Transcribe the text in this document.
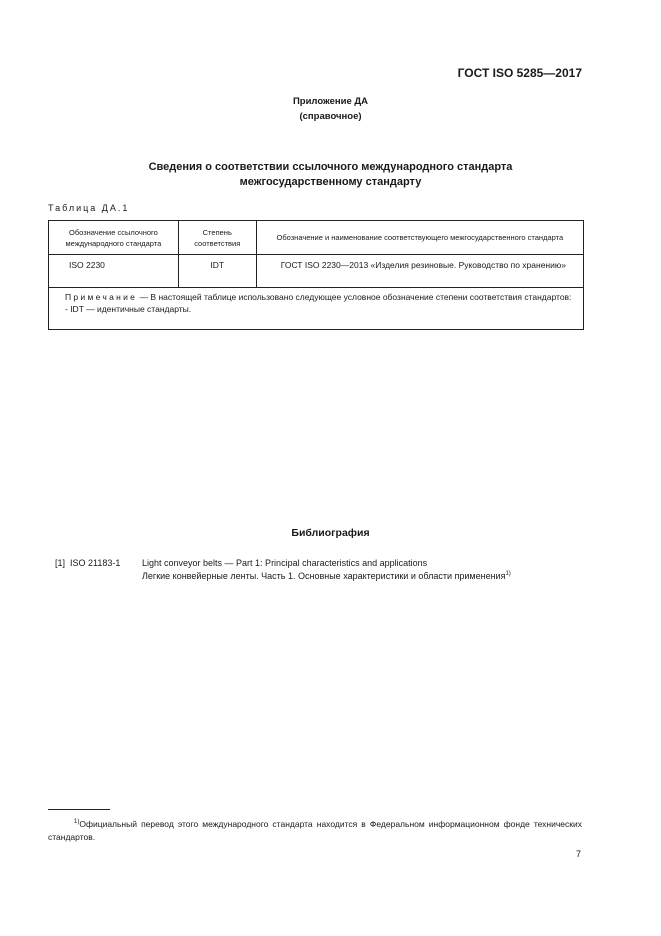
ГОСТ ISO 5285—2017
Приложение ДА
(справочное)
Сведения о соответствии ссылочного международного стандарта
межгосударственному стандарту
Таблица ДА.1
Обозначение ссылочного международного стандарта	Степень соответствия	Обозначение и наименование соответствующего межгосударственного стандарта
ISO 2230	IDT	ГОСТ ISO 2230—2013 «Изделия резиновые. Руководство по хранению»

Примечание — В настоящей таблице использовано следующее условное обозначение степени соответствия стандартов:
- IDT — идентичные стандарты.		
Библиография
[1] ISO 21183-1 Light conveyor belts — Part 1: Principal characteristics and applications
Легкие конвейерные ленты. Часть 1. Основные характеристики и области применения$^{1)}$
$^{1)}$Официальный перевод этого международного стандарта находится в Федеральном информационном фонде технических стандартов.
7
